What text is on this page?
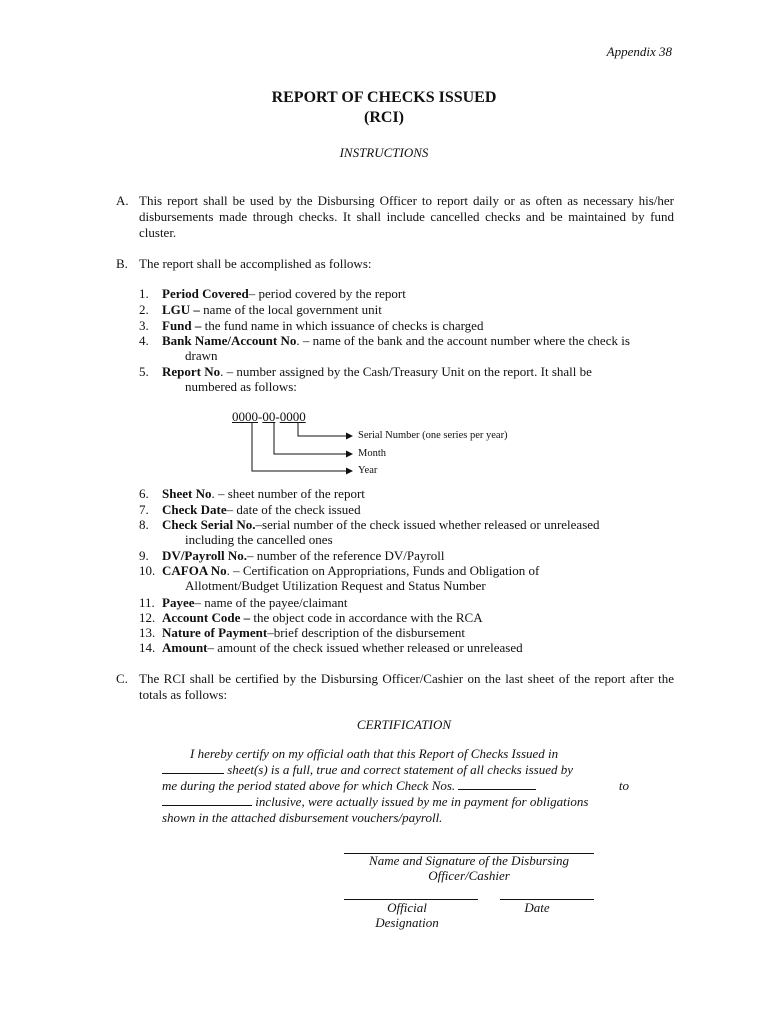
Appendix 38

REPORT OF CHECKS ISSUED

(RCI)

INSTRUCTIONS

A. This report shall be used by the Disbursing Officer to report daily or as often as necessary his/her disbursements made through checks. It shall include cancelled checks and be maintained by fund cluster.

B. The report shall be accomplished as follows:

1.	Period Covered– period covered by the report

2.	LGU – name of the local government unit

3.	Fund – the fund name in which issuance of checks is charged

4.	Bank Name/Account No. – name of the bank and the account number where the check is

drawn

5.	Report No. – number assigned by the Cash/Treasury Unit on the report. It shall be

numbered as follows:

0000-00-0000

Serial Number (one series per year)
Month
Year
6.	Sheet No. – sheet number of the report

7.	Check Date– date of the check issued

8.	Check Serial No.–serial number of the check issued whether released or unreleased

including the cancelled ones

9.	DV/Payroll No.– number of the reference DV/Payroll

10. CAFOA No. – Certification on Appropriations, Funds and Obligation of

Allotment/Budget Utilization Request and Status Number

11. Payee– name of the payee/claimant

12. Account Code – the object code in accordance with the RCA

13. Nature of Payment–brief description of the disbursement

14. Amount– amount of the check issued whether released or unreleased

C. The RCI shall be certified by the Disbursing Officer/Cashier on the last sheet of the report after the totals as follows:

CERTIFICATION

I hereby certify on my official oath that this Report of Checks Issued in
sheet(s) is a full, true and correct statement of all checks issued by
me during the period stated above for which Check Nos.	to
inclusive, were actually issued by me in payment for obligations
shown in the attached disbursement vouchers/payroll.

Name and Signature of the Disbursing

Officer/Cashier

Official

Designation

Date
